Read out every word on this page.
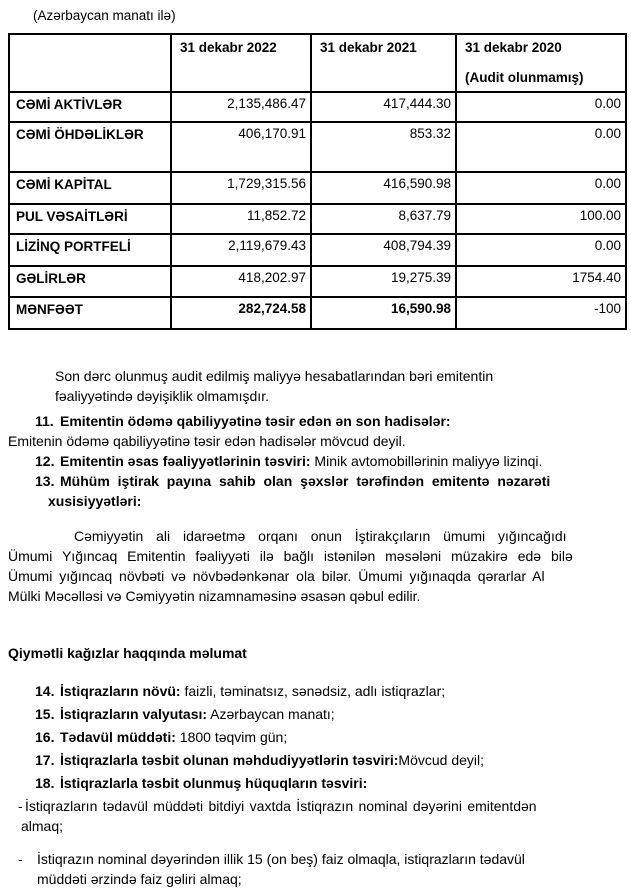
(Azərbaycan manatı ilə)
	31 dekabr 2022	31 dekabr 2021	31 dekabr 2020
(Audit olunmamış)

CƏMİ AKTİVLƏR	2,135,486.47	417,444.30	0.00
CƏMİ ÖHDƏLİKLƏR	406,170.91	853.32	0.00
CƏMİ KAPİTAL	1,729,315.56	416,590.98	0.00
PUL VƏSAİTLƏRİ	11,852.72	8,637.79	100.00
LİZİNQ PORTFELİ	2,119,679.43	408,794.39	0.00
GƏLİRLƏR	418,202.97	19,275.39	1754.40
MƏNFƏƏT	282,724.58	16,590.98	-100
Son dərc olunmuş audit edilmiş maliyyə hesabatlarından bəri emitentin
fəaliyyətində dəyişiklik olmamışdır.
11. Emitentin ödəmə qabiliyyətinə təsir edən ən son hadisələr:
Emitenin ödəmə qabiliyyətinə təsir edən hadisələr mövcud deyil.
12. Emitentin əsas fəaliyyətlərinin təsviri: Minik avtomobillərinin maliyyə lizinqi.
13. Mühüm iştirak payına sahib olan şəxslər tərəfindən emitentə nəzarəti
xusisiyyətləri:
Cəmiyyətin ali idarəetmə orqanı onun İştirakçıların ümumi yığıncağıdı
Ümumi Yığıncaq Emitentin fəaliyyəti ilə bağlı istənilən məsələni müzakirə edə bilə
Ümumi yığıncaq növbəti və növbədənkənar ola bilər. Ümumi yığınaqda qərarlar Al
Mülki Məcəlləsi və Cəmiyyətin nizamnaməsinə əsasən qəbul edilir.
Qiymətli kağızlar haqqında məlumat
14. İstiqrazların növü: faizli, təminatsız, sənədsiz, adlı istiqrazlar;
15. İstiqrazların valyutası: Azərbaycan manatı;
16. Tədavül müddəti: 1800 təqvim gün;
17. İstiqrazlarla təsbit olunan məhdudiyyətlərin təsviri:Mövcud deyil;
18. İstiqrazlarla təsbit olunmuş hüquqların təsviri:
- İstiqrazların tədavül müddəti bitdiyi vaxtda İstiqrazın nominal dəyərini emitentdən
almaq;
-	İstiqrazın nominal dəyərindən illik 15 (on beş) faiz olmaqla, istiqrazların tədavül
müddəti ərzində faiz gəliri almaq;
